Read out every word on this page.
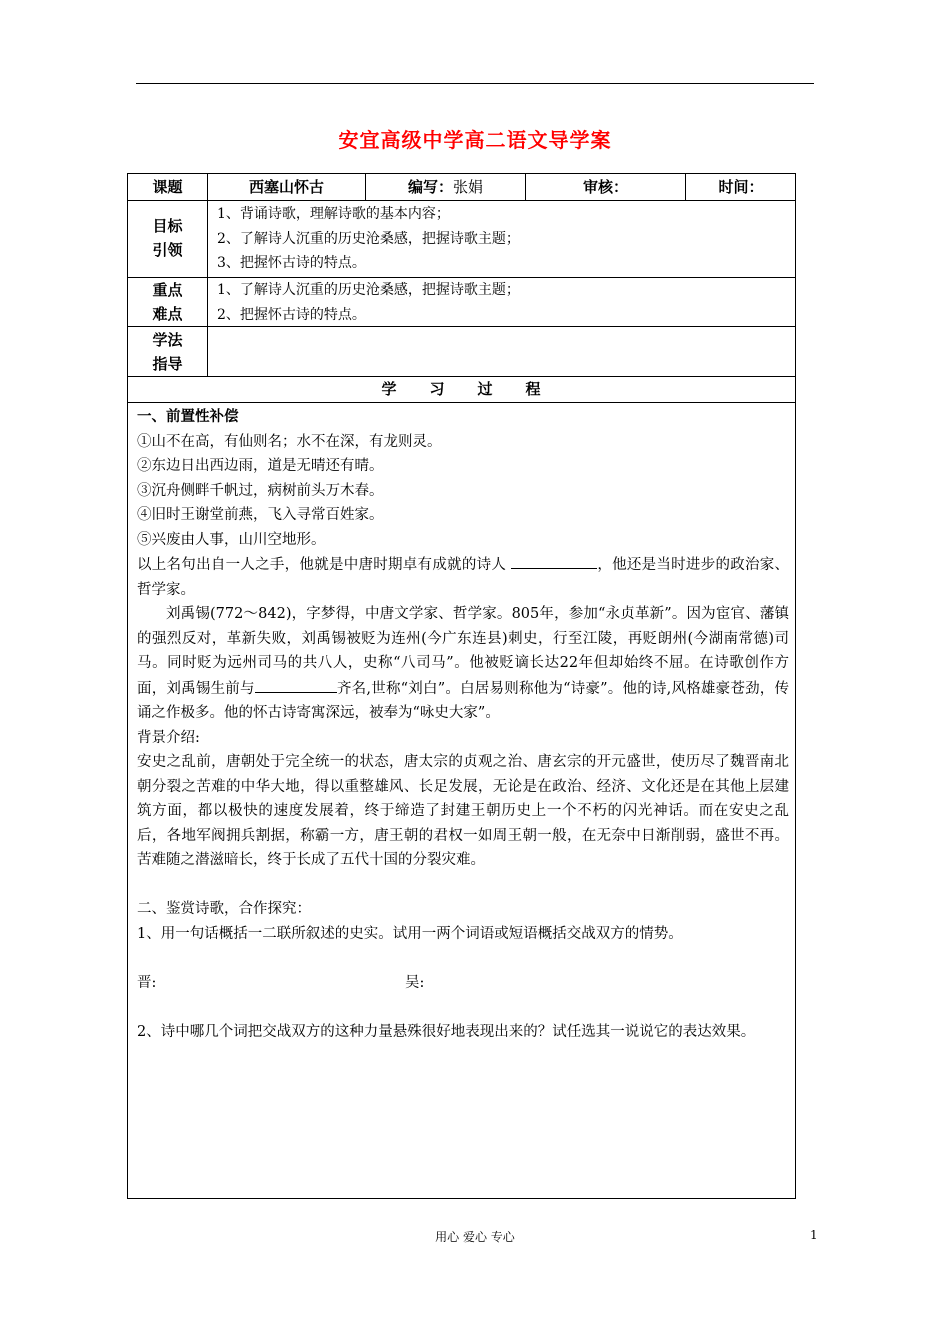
安宜高级中学高二语文导学案
课题	西塞山怀古	编写：张娟	审核：	时间：
目标
引领
1、背诵诗歌，理解诗歌的基本内容；
2、了解诗人沉重的历史沧桑感，把握诗歌主题；
3、把握怀古诗的特点。
重点
难点
1、了解诗人沉重的历史沧桑感，把握诗歌主题；
2、把握怀古诗的特点。
学法
指导
学　　习　　过　　程

一、前置性补偿

①山不在高，有仙则名；水不在深，有龙则灵。

②东边日出西边雨，道是无晴还有晴。

③沉舟侧畔千帆过，病树前头万木春。

④旧时王谢堂前燕，飞入寻常百姓家。

⑤兴废由人事，山川空地形。

以上名句出自一人之手，他就是中唐时期卓有成就的诗人	，他还是当时进步的政治家、哲学家。

刘禹锡(772～842)，字梦得，中唐文学家、哲学家。805年，参加“永贞革新”。因为宦官、藩镇的强烈反对，革新失败，刘禹锡被贬为连州(今广东连县)刺史，行至江陵，再贬朗州(今湖南常德)司马。同时贬为远州司马的共八人，史称“八司马”。他被贬谪长达22年但却始终不屈。在诗歌创作方面，刘禹锡生前与	齐名,世称“刘白”。白居易则称他为“诗豪”。他的诗,风格雄豪苍劲，传诵之作极多。他的怀古诗寄寓深远，被奉为“咏史大家”。

背景介绍:

安史之乱前，唐朝处于完全统一的状态，唐太宗的贞观之治、唐玄宗的开元盛世，使历尽了魏晋南北朝分裂之苦难的中华大地，得以重整雄风、长足发展，无论是在政治、经济、文化还是在其他上层建筑方面，都以极快的速度发展着，终于缔造了封建王朝历史上一个不朽的闪光神话。而在安史之乱后，各地军阀拥兵割据，称霸一方，唐王朝的君权一如周王朝一般，在无奈中日渐削弱，盛世不再。苦难随之潜滋暗长，终于长成了五代十国的分裂灾难。

二、鉴赏诗歌，合作探究：

1、用一句话概括一二联所叙述的史实。试用一两个词语或短语概括交战双方的情势。

晋:	吴:

2、诗中哪几个词把交战双方的这种力量悬殊很好地表现出来的？试任选其一说说它的表达效果。

用心 爱心 专心	1
